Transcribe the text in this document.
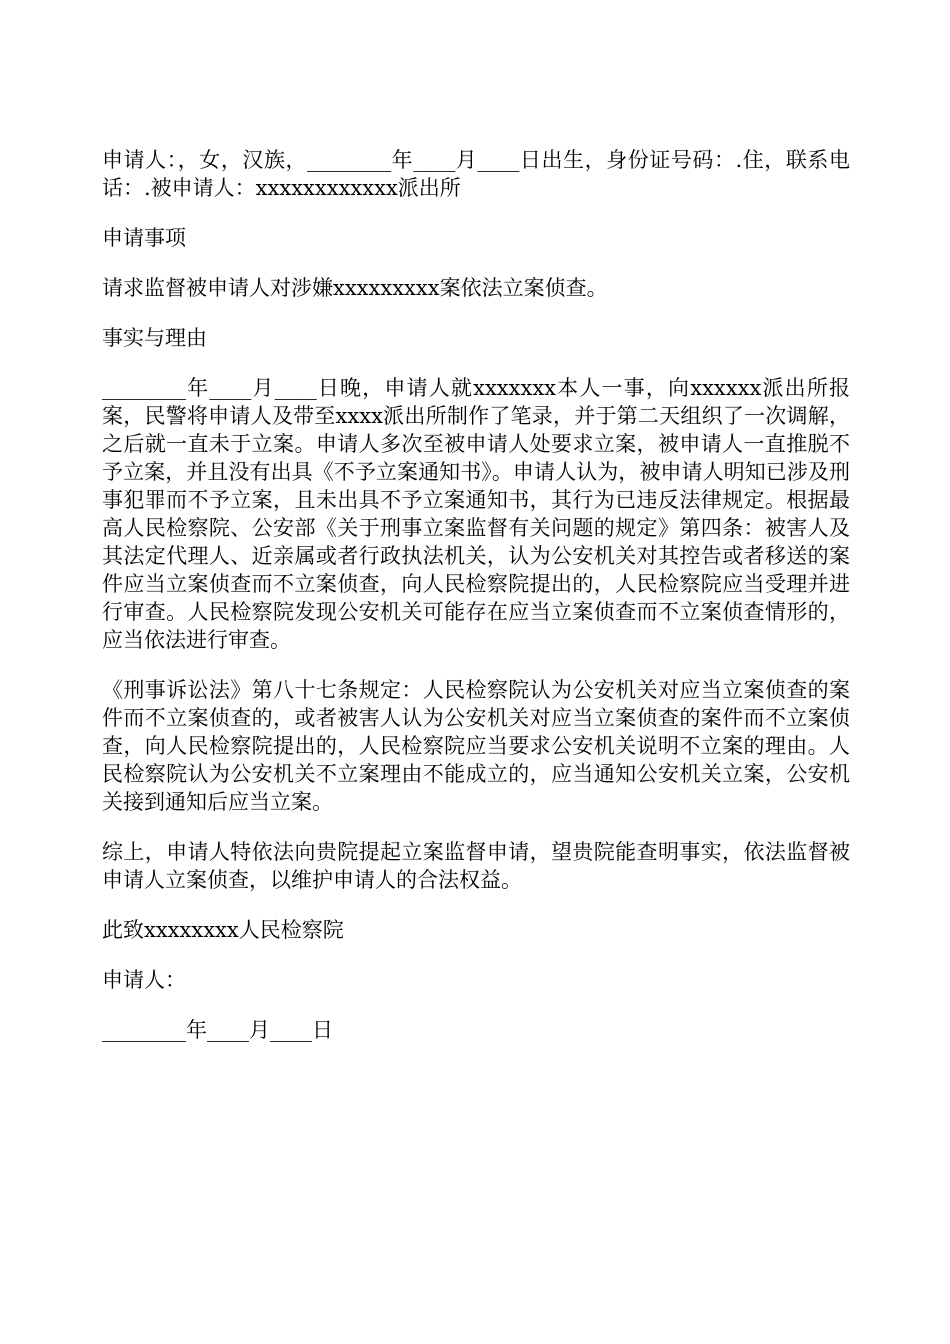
申请人：，女，汉族，________年____月____日出生，身份证号码：.住，联系电话：.被申请人：xxxxxxxxxxxx派出所

申请事项

请求监督被申请人对涉嫌xxxxxxxxx案依法立案侦查。

事实与理由

________年____月____日晚，申请人就xxxxxxx本人一事，向xxxxxx派出所报案，民警将申请人及带至xxxx派出所制作了笔录，并于第二天组织了一次调解，之后就一直未于立案。申请人多次至被申请人处要求立案，被申请人一直推脱不予立案，并且没有出具《不予立案通知书》。申请人认为，被申请人明知已涉及刑事犯罪而不予立案，且未出具不予立案通知书，其行为已违反法律规定。根据最高人民检察院、公安部《关于刑事立案监督有关问题的规定》第四条：被害人及其法定代理人、近亲属或者行政执法机关，认为公安机关对其控告或者移送的案件应当立案侦查而不立案侦查，向人民检察院提出的，人民检察院应当受理并进行审查。人民检察院发现公安机关可能存在应当立案侦查而不立案侦查情形的，应当依法进行审查。

《刑事诉讼法》第八十七条规定：人民检察院认为公安机关对应当立案侦查的案件而不立案侦查的，或者被害人认为公安机关对应当立案侦查的案件而不立案侦查，向人民检察院提出的，人民检察院应当要求公安机关说明不立案的理由。人民检察院认为公安机关不立案理由不能成立的，应当通知公安机关立案，公安机关接到通知后应当立案。

综上，申请人特依法向贵院提起立案监督申请，望贵院能查明事实，依法监督被申请人立案侦查，以维护申请人的合法权益。

此致xxxxxxxx人民检察院

申请人：

________年____月____日
